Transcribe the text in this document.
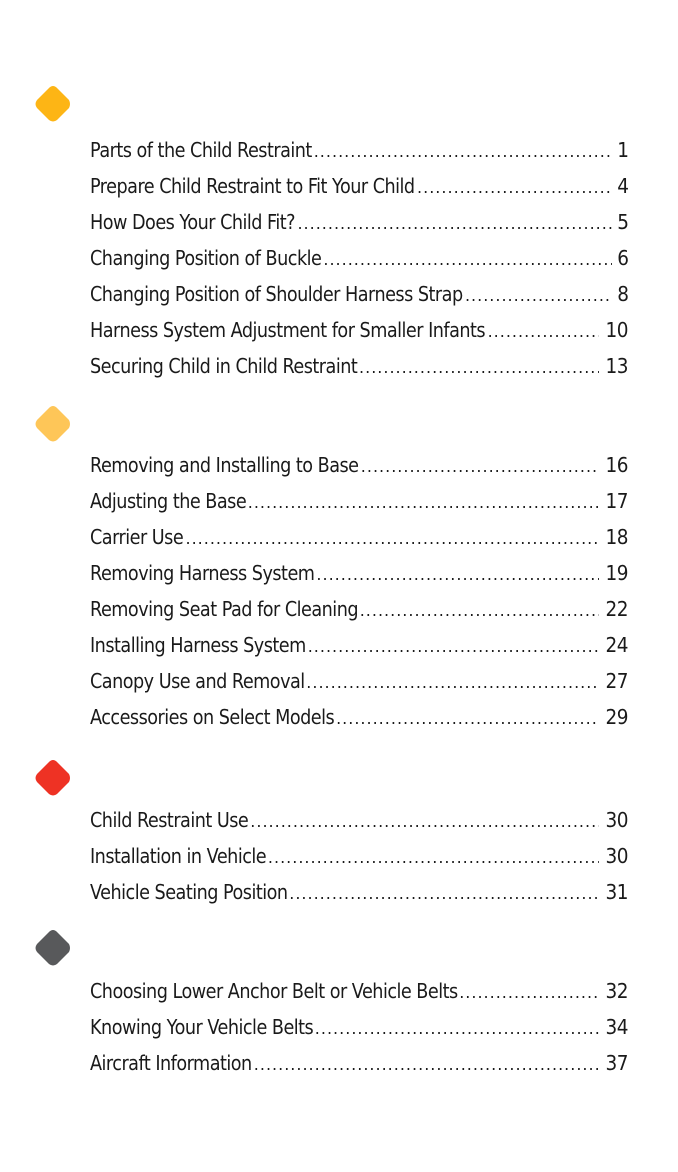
Parts of the Child Restraint .....	1
Prepare Child Restraint to Fit Your Child .....	4
How Does Your Child Fit? .....	5
Changing Position of Buckle .....	6
Changing Position of Shoulder Harness Strap .....	8
Harness System Adjustment for Smaller Infants .....	10
Securing Child in Child Restraint .....	13
Removing and Installing to Base .....	16
Adjusting the Base .....	17
Carrier Use .....	18
Removing Harness System .....	19
Removing Seat Pad for Cleaning .....	22
Installing Harness System .....	24
Canopy Use and Removal .....	27
Accessories on Select Models .....	29
Child Restraint Use .....	30
Installation in Vehicle .....	30
Vehicle Seating Position .....	31
Choosing Lower Anchor Belt or Vehicle Belts .....	32
Knowing Your Vehicle Belts .....	34
Aircraft Information .....	37
